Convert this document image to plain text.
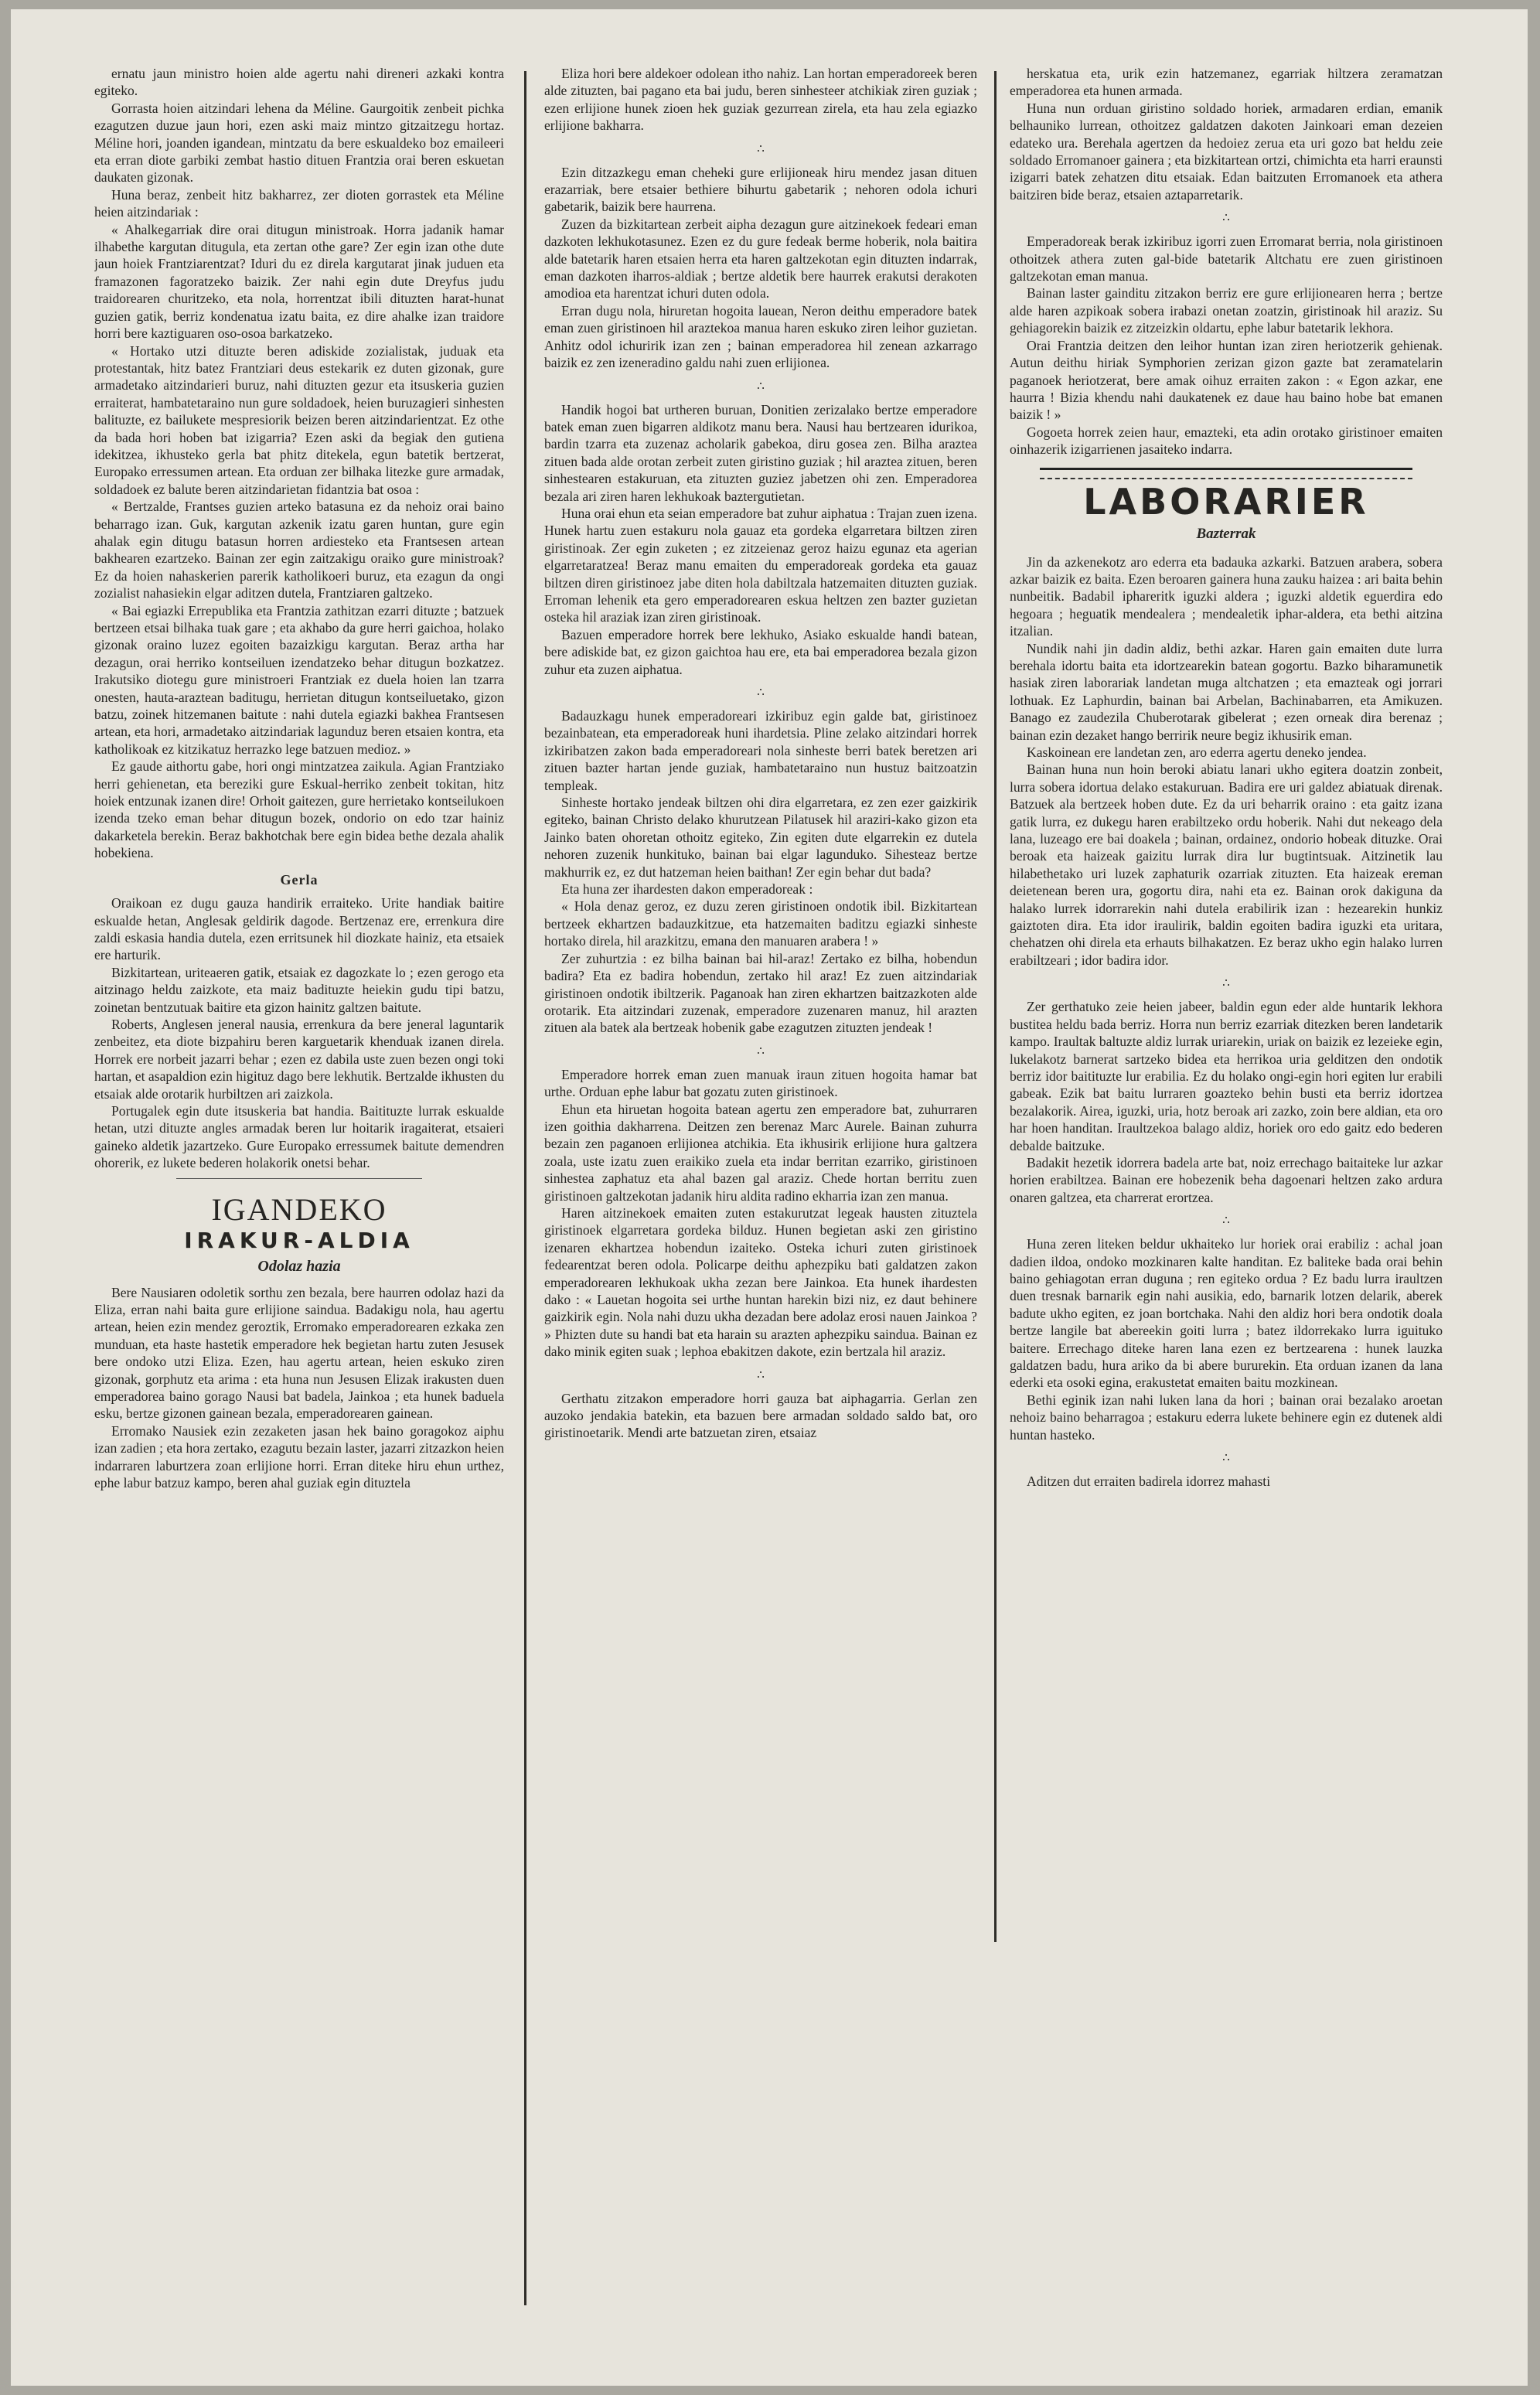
ernatu jaun ministro hoien alde agertu nahi direneri azkaki kontra egiteko.

Gorrasta hoien aitzindari lehena da Méline. Gaurgoitik zenbeit pichka ezagutzen duzue jaun hori, ezen aski maiz mintzo gitzaitzegu hortaz. Méline hori, joanden igandean, mintzatu da bere eskualdeko boz emaileeri eta erran diote garbiki zembat hastio dituen Frantzia orai beren eskuetan daukaten gizonak.

Huna beraz, zenbeit hitz bakharrez, zer dioten gorrastek eta Méline heien aitzindariak :

« Ahalkegarriak dire orai ditugun ministroak. Horra jadanik hamar ilhabethe kargutan ditugula, eta zertan othe gare? Zer egin izan othe dute jaun hoiek Frantziarentzat? Iduri du ez direla kargutarat jinak juduen eta framazonen fagoratzeko baizik. Zer nahi egin dute Dreyfus judu traidorearen churitzeko, eta nola, horrentzat ibili dituzten harat-hunat guzien gatik, berriz kondenatua izatu baita, ez dire ahalke izan traidore horri bere kaztiguaren oso-osoa barkatzeko.

« Hortako utzi dituzte beren adiskide zozialistak, juduak eta protestantak, hitz batez Frantziari deus estekarik ez duten gizonak, gure armadetako aitzindarieri buruz, nahi dituzten gezur eta itsuskeria guzien erraiterat, hambatetaraino nun gure soldadoek, heien buruzagieri sinhesten balituzte, ez bailukete mespresiorik beizen beren aitzindarientzat. Ez othe da bada hori hoben bat izigarria? Ezen aski da begiak den gutiena idekitzea, ikhusteko gerla bat phitz ditekela, egun batetik bertzerat, Europako erressumen artean. Eta orduan zer bilhaka litezke gure armadak, soldadoek ez balute beren aitzindarietan fidantzia bat osoa :

« Bertzalde, Frantses guzien arteko batasuna ez da nehoiz orai baino beharrago izan. Guk, kargutan azkenik izatu garen huntan, gure egin ahalak egin ditugu batasun horren ardiesteko eta Frantsesen artean bakhearen ezartzeko. Bainan zer egin zaitzakigu oraiko gure ministroak? Ez da hoien nahaskerien parerik katholikoeri buruz, eta ezagun da ongi zozialist nahasiekin elgar aditzen dutela, Frantziaren galtzeko.

« Bai egiazki Errepublika eta Frantzia zathitzan ezarri dituzte ; batzuek bertzeen etsai bilhaka tuak gare ; eta akhabo da gure herri gaichoa, holako gizonak oraino luzez egoiten bazaizkigu kargutan. Beraz artha har dezagun, orai herriko kontseiluen izendatzeko behar ditugun bozkatzez. Irakutsiko diotegu gure ministroeri Frantziak ez duela hoien lan tzarra onesten, hauta-araztean baditugu, herrietan ditugun kontseiluetako, gizon batzu, zoinek hitzemanen baitute : nahi dutela egiazki bakhea Frantsesen artean, eta hori, armadetako aitzindariak lagunduz beren etsaien kontra, eta katholikoak ez kitzikatuz herrazko lege batzuen medioz. »

Ez gaude aithortu gabe, hori ongi mintzatzea zaikula. Agian Frantziako herri gehienetan, eta bereziki gure Eskual-herriko zenbeit tokitan, hitz hoiek entzunak izanen dire! Orhoit gaitezen, gure herrietako kontseilukoen izenda tzeko eman behar ditugun bozek, ondorio on edo tzar hainiz dakarketela berekin. Beraz bakhotchak bere egin bidea bethe dezala ahalik hobekiena.

Gerla

Oraikoan ez dugu gauza handirik erraiteko. Urite handiak baitire eskualde hetan, Anglesak geldirik dagode. Bertzenaz ere, errenkura dire zaldi eskasia handia dutela, ezen erritsunek hil diozkate hainiz, eta etsaiek ere harturik.

Bizkitartean, uriteaeren gatik, etsaiak ez dagozkate lo ; ezen gerogo eta aitzinago heldu zaizkote, eta maiz badituzte heiekin gudu tipi batzu, zoinetan bentzutuak baitire eta gizon hainitz galtzen baitute.

Roberts, Anglesen jeneral nausia, errenkura da bere jeneral laguntarik zenbeitez, eta diote bizpahiru beren karguetarik khenduak izanen direla. Horrek ere norbeit jazarri behar ; ezen ez dabila uste zuen bezen ongi toki hartan, et asapaldion ezin higituz dago bere lekhutik. Bertzalde ikhusten du etsaiak alde orotarik hurbiltzen ari zaizkola.

Portugalek egin dute itsuskeria bat handia. Baitituzte lurrak eskualde hetan, utzi dituzte angles armadak beren lur hoitarik iragaiterat, etsaieri gaineko aldetik jazartzeko. Gure Europako erressumek baitute demendren ohorerik, ez lukete bederen holakorik onetsi behar.

IGANDEKO
IRAKUR-ALDIA
Odolaz hazia

Bere Nausiaren odoletik sorthu zen bezala, bere haurren odolaz hazi da Eliza, erran nahi baita gure erlijione saindua. Badakigu nola, hau agertu artean, heien ezin mendez geroztik, Erromako emperadorearen ezkaka zen munduan, eta haste hastetik emperadore hek begietan hartu zuten Jesusek bere ondoko utzi Eliza. Ezen, hau agertu artean, heien eskuko ziren gizonak, gorphutz eta arima : eta huna nun Jesusen Elizak irakusten duen emperadorea baino gorago Nausi bat badela, Jainkoa ; eta hunek baduela esku, bertze gizonen gainean bezala, emperadorearen gainean.

Erromako Nausiek ezin zezaketen jasan hek baino goragokoz aiphu izan zadien ; eta hora zertako, ezagutu bezain laster, jazarri zitzazkon heien indarraren laburtzera zoan erlijione horri. Erran diteke hiru ehun urthez, ephe labur batzuz kampo, beren ahal guziak egin dituztela

Eliza hori bere aldekoer odolean itho nahiz. Lan hortan emperadoreek beren alde zituzten, bai pagano eta bai judu, beren sinhesteer atchikiak ziren guziak ; ezen erlijione hunek zioen hek guziak gezurrean zirela, eta hau zela egiazko erlijione bakharra.

∴

Ezin ditzazkegu eman cheheki gure erlijioneak hiru mendez jasan dituen erazarriak, bere etsaier bethiere bihurtu gabetarik ; nehoren odola ichuri gabetarik, baizik bere haurrena.

Zuzen da bizkitartean zerbeit aipha dezagun gure aitzinekoek fedeari eman dazkoten lekhukotasunez. Ezen ez du gure fedeak berme hoberik, nola baitira alde batetarik haren etsaien herra eta haren galtzekotan egin dituzten indarrak, eman dazkoten iharros-aldiak ; bertze aldetik bere haurrek erakutsi derakoten amodioa eta harentzat ichuri duten odola.

Erran dugu nola, hiruretan hogoita lauean, Neron deithu emperadore batek eman zuen giristinoen hil araztekoa manua haren eskuko ziren leihor guzietan. Anhitz odol ichuririk izan zen ; bainan emperadorea hil zenean azkarrago baizik ez zen izeneradino galdu nahi zuen erlijionea.

∴

Handik hogoi bat urtheren buruan, Donitien zerizalako bertze emperadore batek eman zuen bigarren aldikotz manu bera. Nausi hau bertzearen idurikoa, bardin tzarra eta zuzenaz acholarik gabekoa, diru gosea zen. Bilha araztea zituen bada alde orotan zerbeit zuten giristino guziak ; hil araztea zituen, beren sinhestearen estakuruan, eta zituzten guziez jabetzen ohi zen. Emperadorea bezala ari ziren haren lekhukoak baztergutietan.

Huna orai ehun eta seian emperadore bat zuhur aiphatua : Trajan zuen izena. Hunek hartu zuen estakuru nola gauaz eta gordeka elgarretara biltzen ziren giristinoak. Zer egin zuketen ; ez zitzeienaz geroz haizu egunaz eta agerian elgarretaratzea! Beraz manu emaiten du emperadoreak gordeka eta gauaz biltzen diren giristinoez jabe diten hola dabiltzala hatzemaiten dituzten guziak. Erroman lehenik eta gero emperadorearen eskua heltzen zen bazter guzietan osteka hil araziak izan ziren giristinoak.

Bazuen emperadore horrek bere lekhuko, Asiako eskualde handi batean, bere adiskide bat, ez gizon gaichtoa hau ere, eta bai emperadorea bezala gizon zuhur eta zuzen aiphatua.

∴

Badauzkagu hunek emperadoreari izkiribuz egin galde bat, giristinoez bezainbatean, eta emperadoreak huni ihardetsia. Pline zelako aitzindari horrek izkiribatzen zakon bada emperadoreari nola sinheste berri batek beretzen ari zituen bazter hartan jende guziak, hambatetaraino nun hustuz baitzoatzin templeak.

Sinheste hortako jendeak biltzen ohi dira elgarretara, ez zen ezer gaizkirik egiteko, bainan Christo delako khurutzean Pilatusek hil araziri-kako gizon eta Jainko baten ohoretan othoitz egiteko, Zin egiten dute elgarrekin ez dutela nehoren zuzenik hunkituko, bainan bai elgar lagunduko. Sihesteaz bertze makhurrik ez, ez dut hatzeman heien baithan! Zer egin behar dut bada?

Eta huna zer ihardesten dakon emperadoreak :

« Hola denaz geroz, ez duzu zeren giristinoen ondotik ibil. Bizkitartean bertzeek ekhartzen badauzkitzue, eta hatzemaiten baditzu egiazki sinheste hortako direla, hil arazkitzu, emana den manuaren arabera ! »

Zer zuhurtzia : ez bilha bainan bai hil-araz! Zertako ez bilha, hobendun badira? Eta ez badira hobendun, zertako hil araz! Ez zuen aitzindariak giristinoen ondotik ibiltzerik. Paganoak han ziren ekhartzen baitzazkoten alde orotarik. Eta aitzindari zuzenak, emperadore zuzenaren manuz, hil arazten zituen ala batek ala bertzeak hobenik gabe ezagutzen zituzten jendeak !

∴

Emperadore horrek eman zuen manuak iraun zituen hogoita hamar bat urthe. Orduan ephe labur bat gozatu zuten giristinoek.

Ehun eta hiruetan hogoita batean agertu zen emperadore bat, zuhurraren izen goithia dakharrena. Deitzen zen berenaz Marc Aurele. Bainan zuhurra bezain zen paganoen erlijionea atchikia. Eta ikhusirik erlijione hura galtzera zoala, uste izatu zuen eraikiko zuela eta indar berritan ezarriko, giristinoen sinhestea zaphatuz eta ahal bazen gal araziz. Chede hortan berritu zuen giristinoen galtzekotan jadanik hiru aldita radino ekharria izan zen manua.

Haren aitzinekoek emaiten zuten estakurutzat legeak hausten zituztela giristinoek elgarretara gordeka bilduz. Hunen begietan aski zen giristino izenaren ekhartzea hobendun izaiteko. Osteka ichuri zuten giristinoek fedearentzat beren odola. Policarpe deithu aphezpiku bati galdatzen zakon emperadorearen lekhukoak ukha zezan bere Jainkoa. Eta hunek ihardesten dako : « Lauetan hogoita sei urthe huntan harekin bizi niz, ez daut behinere gaizkirik egin. Nola nahi duzu ukha dezadan bere adolaz erosi nauen Jainkoa ? » Phizten dute su handi bat eta harain su arazten aphezpiku saindua. Bainan ez dako minik egiten suak ; lephoa ebakitzen dakote, ezin bertzala hil araziz.

∴

Gerthatu zitzakon emperadore horri gauza bat aiphagarria. Gerlan zen auzoko jendakia batekin, eta bazuen bere armadan soldado saldo bat, oro giristinoetarik. Mendi arte batzuetan ziren, etsaiaz

herskatua eta, urik ezin hatzemanez, egarriak hiltzera zeramatzan emperadorea eta hunen armada.

Huna nun orduan giristino soldado horiek, armadaren erdian, emanik belhauniko lurrean, othoitzez galdatzen dakoten Jainkoari eman dezeien edateko ura. Berehala agertzen da hedoiez zerua eta uri gozo bat heldu zeie soldado Erromanoer gainera ; eta bizkitartean ortzi, chimichta eta harri eraunsti izigarri batek zehatzen ditu etsaiak. Edan baitzuten Erromanoek eta athera baitziren bide beraz, etsaien aztaparretarik.

∴

Emperadoreak berak izkiribuz igorri zuen Erromarat berria, nola giristinoen othoitzek athera zuten gal-bide batetarik Altchatu ere zuen giristinoen galtzekotan eman manua.

Bainan laster gainditu zitzakon berriz ere gure erlijionearen herra ; bertze alde haren azpikoak sobera irabazi onetan zoatzin, giristinoak hil araziz. Su gehiagorekin baizik ez zitzeizkin oldartu, ephe labur batetarik lekhora.

Orai Frantzia deitzen den leihor huntan izan ziren heriotzerik gehienak. Autun deithu hiriak Symphorien zerizan gizon gazte bat zeramatelarin paganoek heriotzerat, bere amak oihuz erraiten zakon : « Egon azkar, ene haurra ! Bizia khendu nahi daukatenek ez daue hau baino hobe bat emanen baizik ! »

Gogoeta horrek zeien haur, emazteki, eta adin orotako giristinoer emaiten oinhazerik izigarrienen jasaiteko indarra.

LABORARIER
Bazterrak

Jin da azkenekotz aro ederra eta badauka azkarki. Batzuen arabera, sobera azkar baizik ez baita. Ezen beroaren gainera huna zauku haizea : ari baita behin nunbeitik. Badabil iphareritk iguzki aldera ; iguzki aldetik eguerdira edo hegoara ; heguatik mendealera ; mendealetik iphar-aldera, eta bethi aitzina itzalian.

Nundik nahi jin dadin aldiz, bethi azkar. Haren gain emaiten dute lurra berehala idortu baita eta idortzearekin batean gogortu. Bazko biharamunetik hasiak ziren laborariak landetan muga altchatzen ; eta emazteak ogi jorrari lothuak. Ez Laphurdin, bainan bai Arbelan, Bachinabarren, eta Amikuzen. Banago ez zaudezila Chuberotarak gibelerat ; ezen orneak dira berenaz ; bainan ezin dezaket hango berririk neure begiz ikhusirik eman.

Kaskoinean ere landetan zen, aro ederra agertu deneko jendea.

Bainan huna nun hoin beroki abiatu lanari ukho egitera doatzin zonbeit, lurra sobera idortua delako estakuruan. Badira ere uri galdez abiatuak direnak. Batzuek ala bertzeek hoben dute. Ez da uri beharrik oraino : eta gaitz izana gatik lurra, ez dukegu haren erabiltzeko ordu hoberik. Nahi dut nekeago dela lana, luzeago ere bai doakela ; bainan, ordainez, ondorio hobeak dituzke. Orai beroak eta haizeak gaizitu lurrak dira lur bugtintsuak. Aitzinetik lau hilabethetako uri luzek zaphaturik ozarriak zituzten. Eta haizeak ereman deietenean beren ura, gogortu dira, nahi eta ez. Bainan orok dakiguna da halako lurrek idorrarekin nahi dutela erabilirik izan : hezearekin hunkiz gaiztoten dira. Eta idor iraulirik, baldin egoiten badira iguzki eta uritara, chehatzen ohi direla eta erhauts bilhakatzen. Ez beraz ukho egin halako lurren erabiltzeari ; idor badira idor.

∴

Zer gerthatuko zeie heien jabeer, baldin egun eder alde huntarik lekhora bustitea heldu bada berriz. Horra nun berriz ezarriak ditezken beren landetarik kampo. Iraultak baltuzte aldiz lurrak uriarekin, uriak on baizik ez lezeieke egin, lukelakotz barnerat sartzeko bidea eta herrikoa uria gelditzen den ondotik berriz idor baitituzte lur erabilia. Ez du holako ongi-egin hori egiten lur erabili gabeak. Ezik bat baitu lurraren goazteko behin busti eta berriz idortzea bezalakorik. Airea, iguzki, uria, hotz beroak ari zazko, zoin bere aldian, eta oro har hoen handitan. Iraultzekoa balago aldiz, horiek oro edo gaitz edo bederen debalde baitzuke.

Badakit hezetik idorrera badela arte bat, noiz errechago baitaiteke lur azkar horien erabiltzea. Bainan ere hobezenik beha dagoenari heltzen zako ardura onaren galtzea, eta charrerat erortzea.

∴

Huna zeren liteken beldur ukhaiteko lur horiek orai erabiliz : achal joan dadien ildoa, ondoko mozkinaren kalte handitan. Ez baliteke bada orai behin baino gehiagotan erran duguna ; ren egiteko orduа ? Ez badu lurra iraultzen duen tresnak barnarik egin nahi ausikia, edo, barnarik lotzen delarik, aberek badute ukho egiten, ez joan bortchaka. Nahi den aldiz hori bera ondotik doala bertze langile bat abereekin goiti lurra ; batez ildorrekako lurra iguituko baitere. Errechago diteke haren lana ezen ez bertzearena : hunek lauzka galdatzen badu, hura ariko da bi abere bururekin. Eta orduan izanen da lana ederki eta osoki egina, erakustetat emaiten baitu mozkinean.

Bethi eginik izan nahi luken lana da hori ; bainan orai bezalako aroetan nehoiz baino beharragoa ; estakuru ederra lukete behinere egin ez dutenek aldi huntan hasteko.

∴

Aditzen dut erraiten badirela idorrez mahasti
